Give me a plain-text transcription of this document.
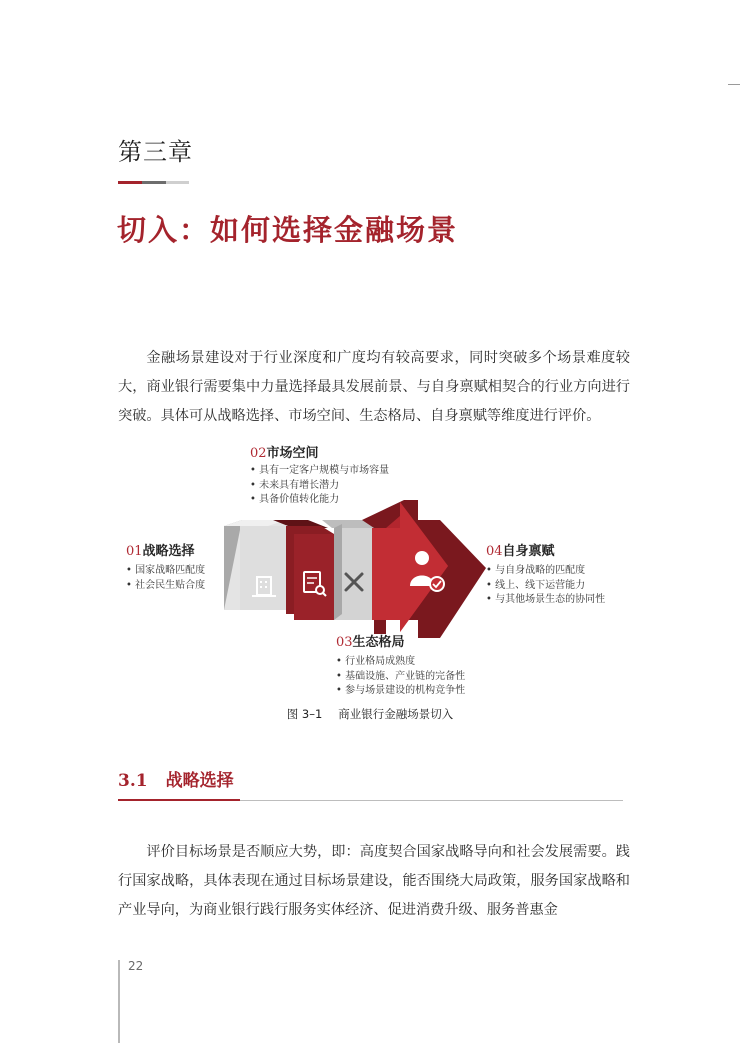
第三章
切入：如何选择金融场景

金融场景建设对于行业深度和广度均有较高要求，同时突破多个场景难度较大，商业银行需要集中力量选择最具发展前景、与自身禀赋相契合的行业方向进行突破。具体可从战略选择、市场空间、生态格局、自身禀赋等维度进行评价。

01战略选择
• 国家战略匹配度
• 社会民生贴合度
02市场空间
• 具有一定客户规模与市场容量
• 未来具有增长潜力
• 具备价值转化能力
03生态格局
• 行业格局成熟度
• 基础设施、产业链的完备性
• 参与场景建设的机构竞争性
04自身禀赋
• 与自身战略的匹配度
• 线上、线下运营能力
• 与其他场景生态的协同性
图 3–1 商业银行金融场景切入
3.1 战略选择

评价目标场景是否顺应大势，即：高度契合国家战略导向和社会发展需要。践行国家战略，具体表现在通过目标场景建设，能否围绕大局政策，服务国家战略和产业导向，为商业银行践行服务实体经济、促进消费升级、服务普惠金

22
